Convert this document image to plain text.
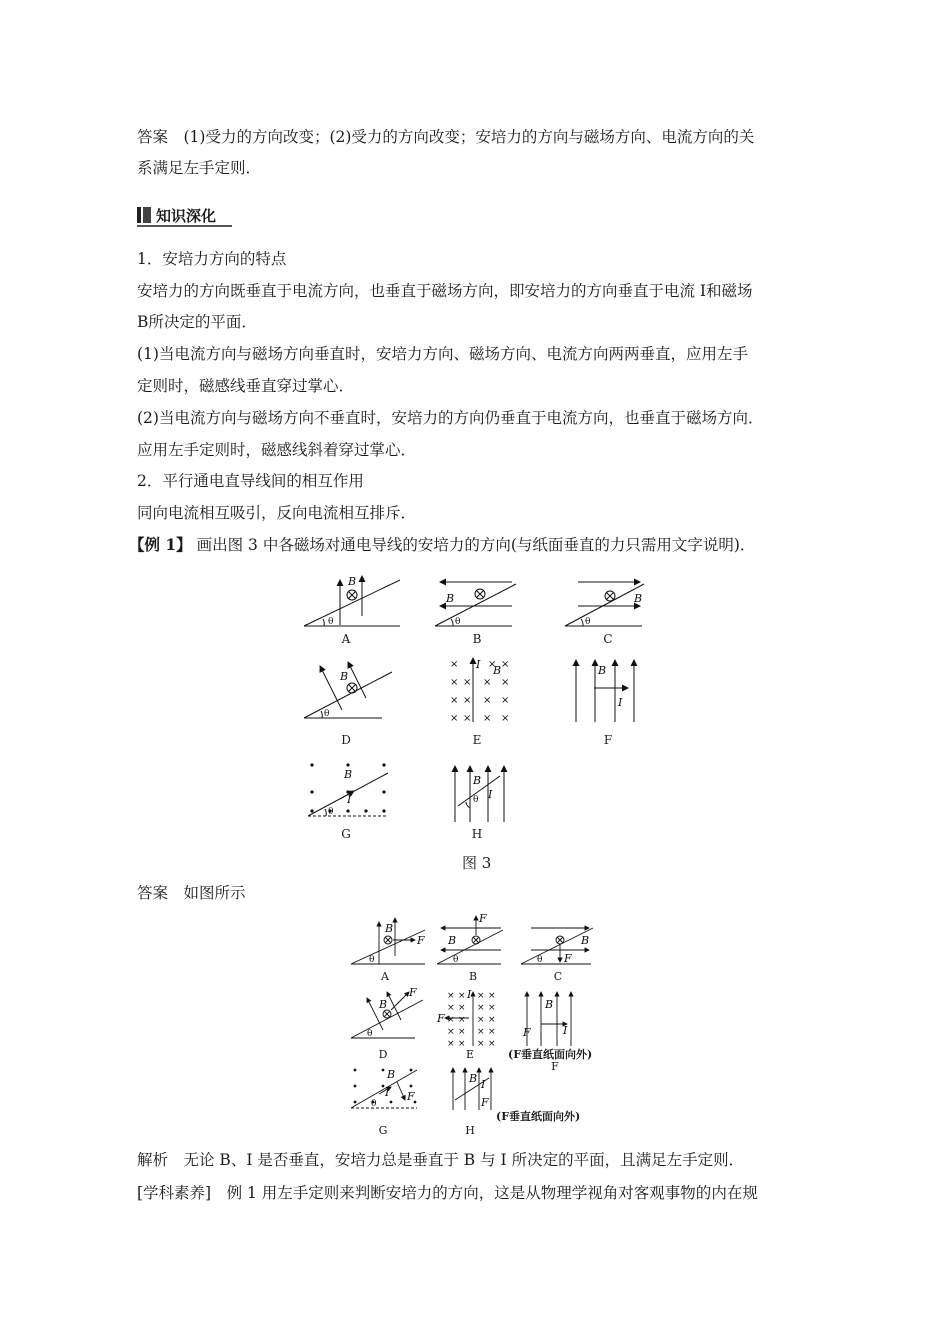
答案　(1)受力的方向改变；(2)受力的方向改变；安培力的方向与磁场方向、电流方向的关
系满足左手定则．
知识深化
1．安培力方向的特点
安培力的方向既垂直于电流方向，也垂直于磁场方向，即安培力的方向垂直于电流 I和磁场
B所决定的平面．
(1)当电流方向与磁场方向垂直时，安培力方向、磁场方向、电流方向两两垂直，应用左手
定则时，磁感线垂直穿过掌心．
(2)当电流方向与磁场方向不垂直时，安培力的方向仍垂直于电流方向，也垂直于磁场方向．
应用左手定则时，磁感线斜着穿过掌心．
2．平行通电直导线间的相互作用
同向电流相互吸引，反向电流相互排斥．
【例 1】 画出图 3 中各磁场对通电导线的安培力的方向(与纸面垂直的力只需用文字说明)．
×	× ×
× × × ×
× × × ×
× × × ×
B
θ
B
θ
B
θ
B
θ
I B	B
I
B
I
θ
B
I
θ
A	B	C
D	E	F
G	H
图 3
答案　如图所示
× × × ×
× × × ×
× × × ×
× × × ×
× × × ×
B
F
θ
B
F
θ
B
F
θ
B
F
θ
I
F
B
I
F
B
I F
θ
B I
F
A	B	C
D	E	(F垂直纸面向外)
F
(F垂直纸面向外)
G	H
解析　无论 B、I 是否垂直，安培力总是垂直于 B 与 I 所决定的平面，且满足左手定则．
[学科素养]　例 1 用左手定则来判断安培力的方向，这是从物理学视角对客观事物的内在规
